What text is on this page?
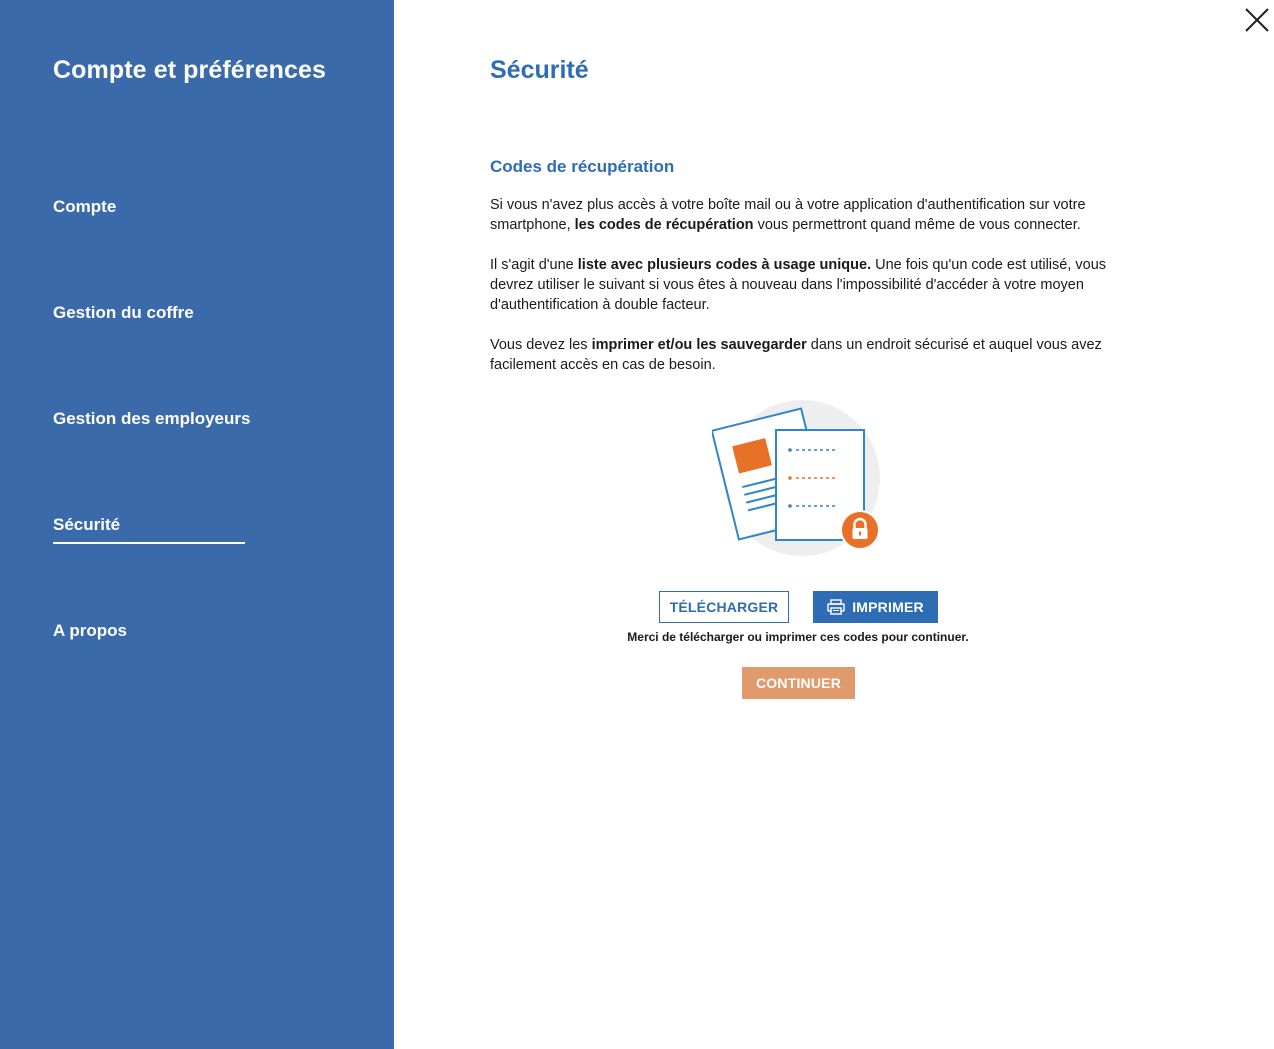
Compte et préférences
Compte
Gestion du coffre
Gestion des employeurs
Sécurité
A propos
Sécurité
Codes de récupération

Si vous n'avez plus accès à votre boîte mail ou à votre application d'authentification sur votre smartphone, les codes de récupération vous permettront quand même de vous connecter.

Il s'agit d'une liste avec plusieurs codes à usage unique. Une fois qu'un code est utilisé, vous devrez utiliser le suivant si vous êtes à nouveau dans l'impossibilité d'accéder à votre moyen d'authentification à double facteur.

Vous devez les imprimer et/ou les sauvegarder dans un endroit sécurisé et auquel vous avez facilement accès en cas de besoin.

TÉLÉCHARGER	IMPRIMER
Merci de télécharger ou imprimer ces codes pour continuer.
CONTINUER
